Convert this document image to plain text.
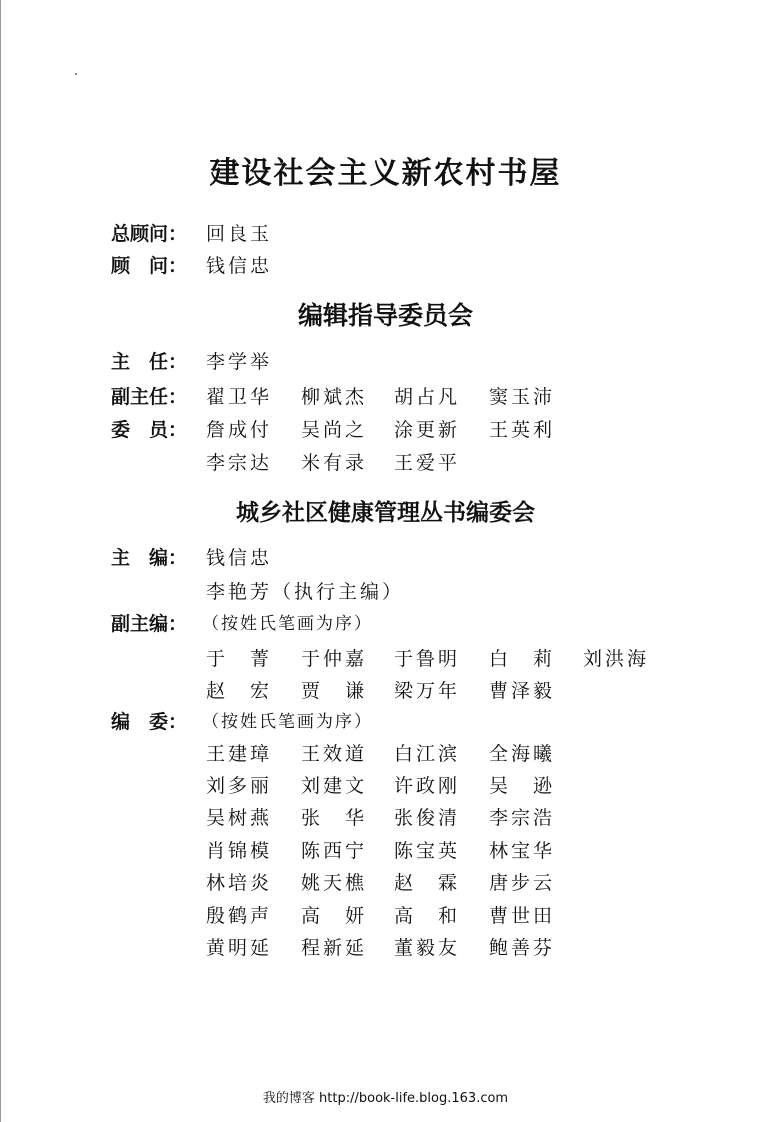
建设社会主义新农村书屋
编辑指导委员会
城乡社区健康管理丛书编委会
总顾问： 回良玉
顾　问： 钱信忠
主　任： 李学举
副主任： 翟卫华 柳斌杰 胡占凡 窦玉沛
委　员： 詹成付 吴尚之 涂更新 王英利
李宗达 米有录 王爱平
主　编： 钱信忠
李艳芳（执行主编）
副主编： （按姓氏笔画为序）
于　菁 于仲嘉 于鲁明 白　莉 刘洪海
赵　宏 贾　谦 梁万年 曹泽毅
编　委： （按姓氏笔画为序）
王建璋 王效道 白江滨 全海曦
刘多丽 刘建文 许政刚 吴　逊
吴树燕 张　华 张俊清 李宗浩
肖锦模 陈西宁 陈宝英 林宝华
林培炎 姚天樵 赵　霖 唐步云
殷鹤声 高　妍 高　和 曹世田
黄明延 程新延 董毅友 鲍善芬
我的博客 http://book-life.blog.163.com
